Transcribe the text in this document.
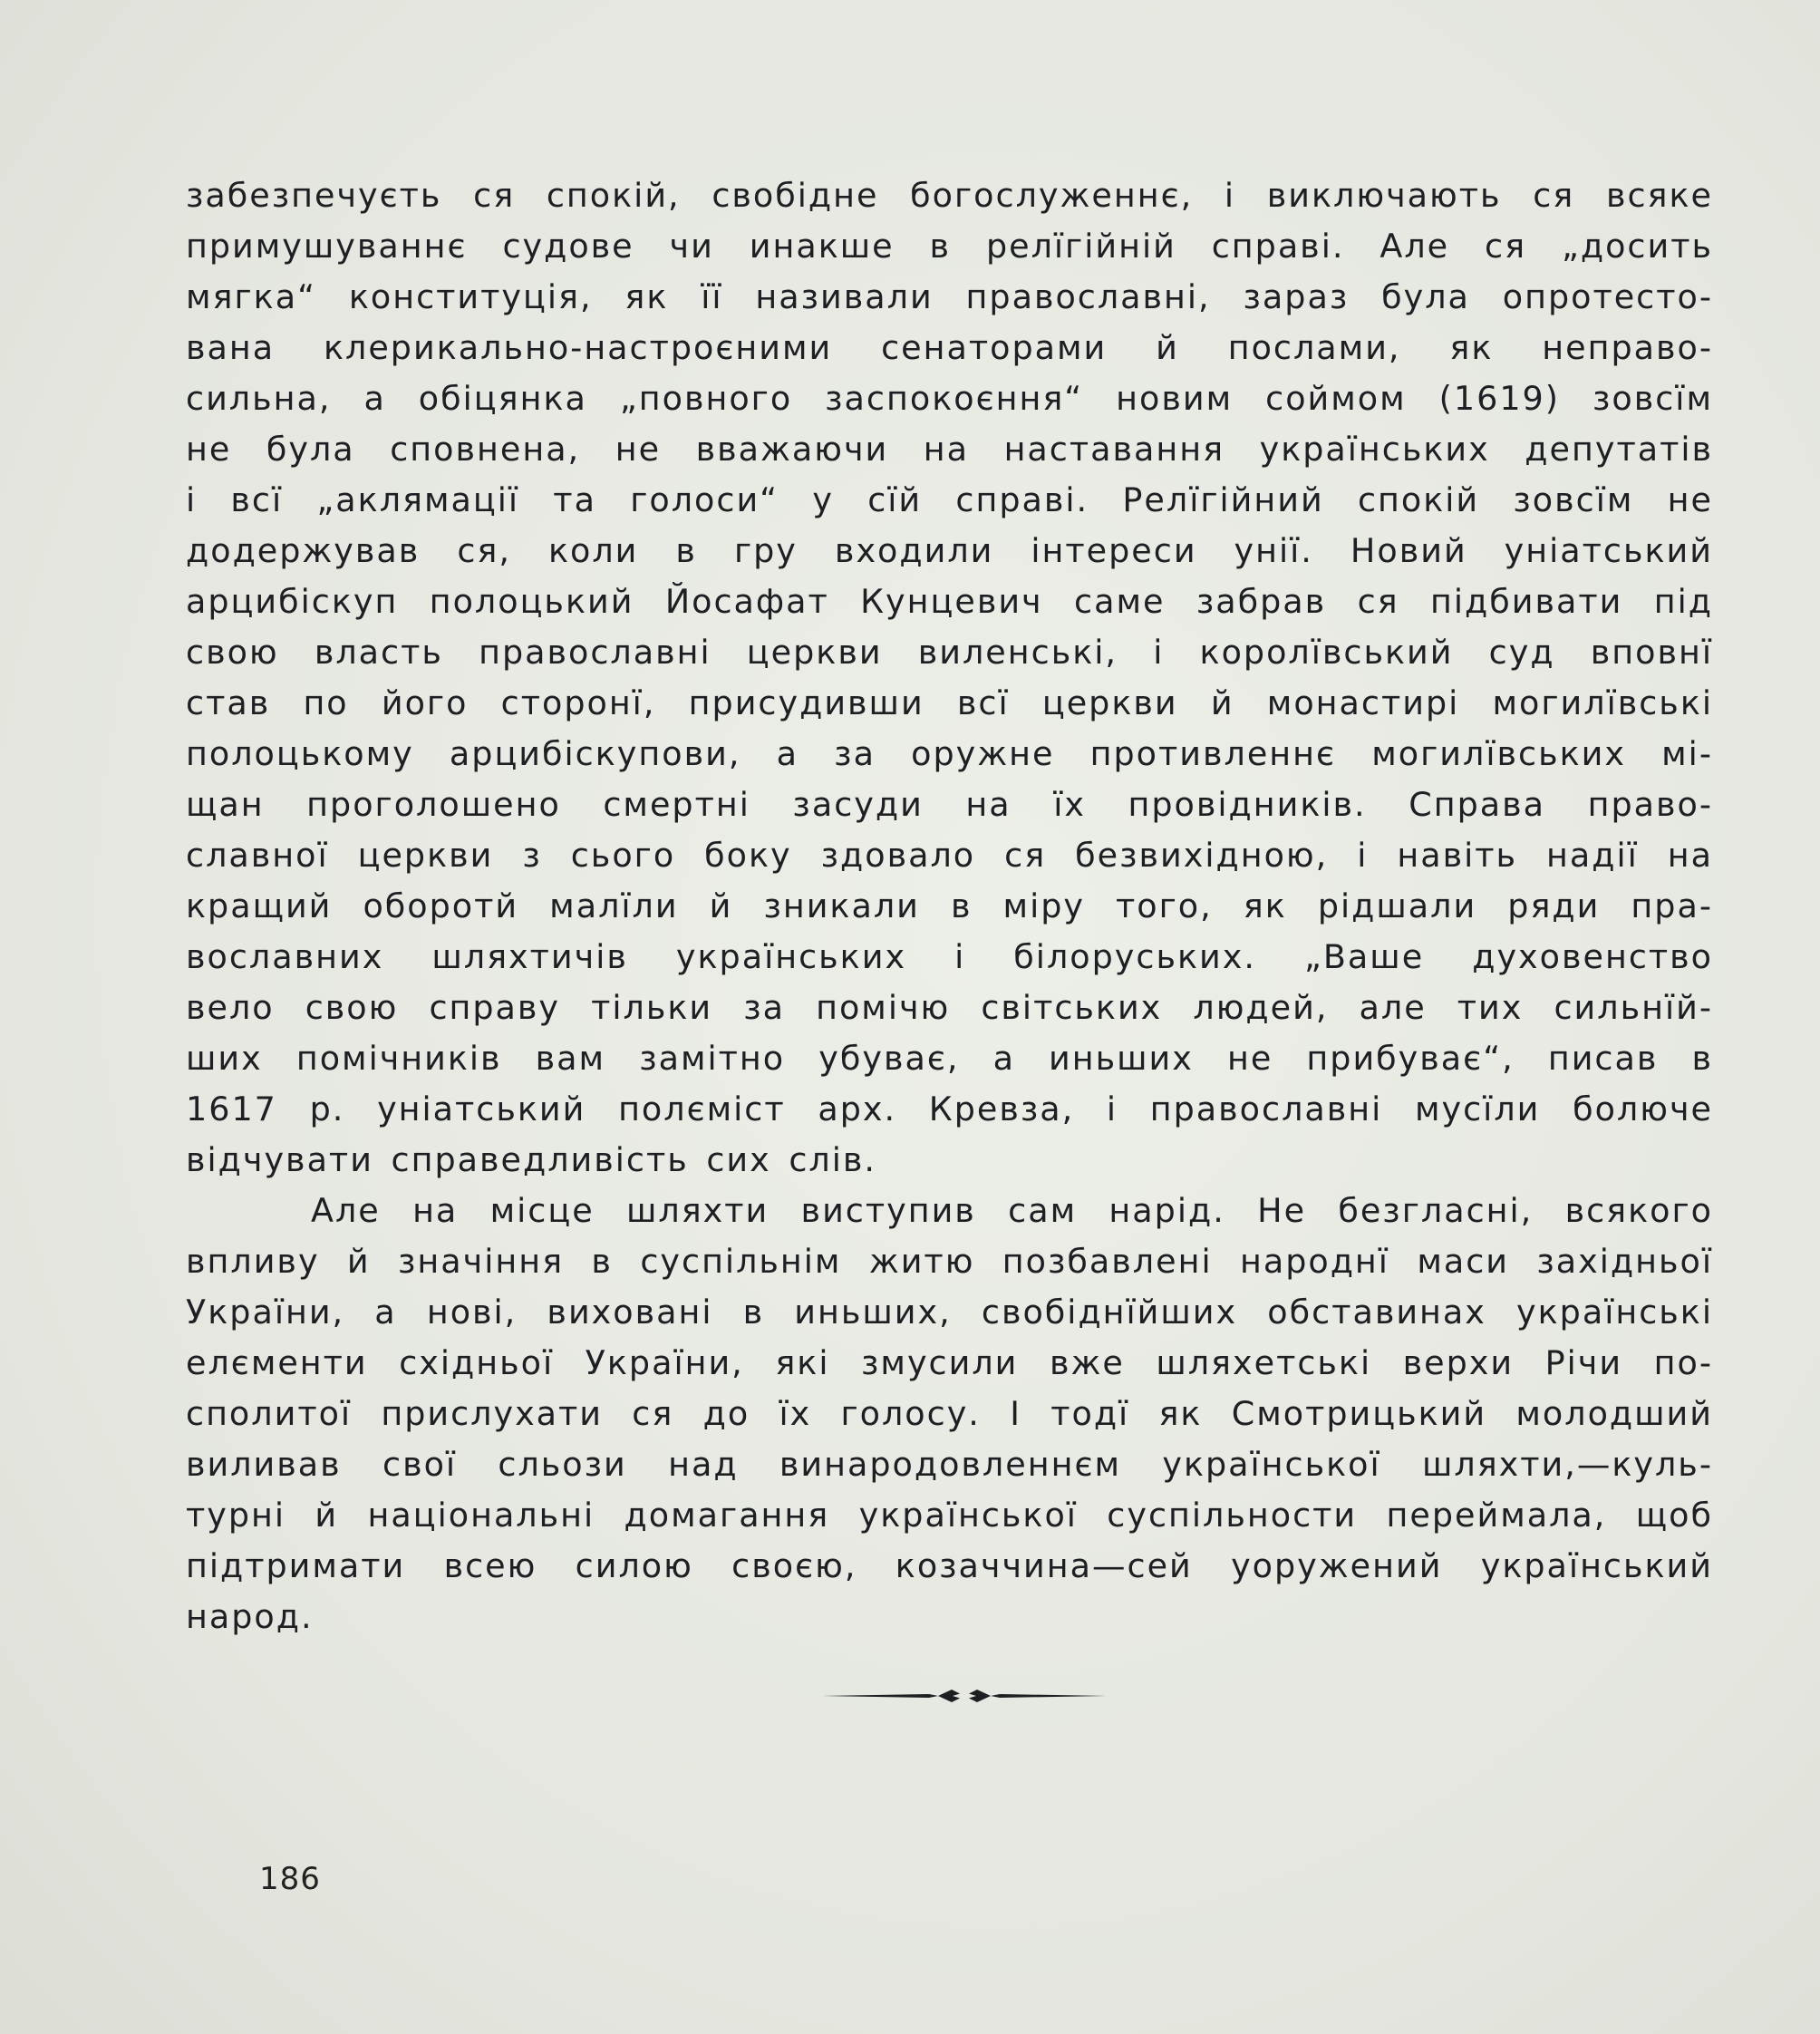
забезпечуєть ся спокій, свобідне богослуженнє, і виключають ся всяке
примушуваннє судове чи инакше в релїгійній справі. Але ся „досить
мягка“ конституція, як її називали православні, зараз була опротесто-
вана клерикально-настроєними сенаторами й послами, як неправо-
сильна, а обіцянка „повного заспокоєння“ новим соймом (1619) зовсїм
не була сповнена, не вважаючи на наставання українських депутатів
і всї „аклямації та голоси“ у сїй справі. Релїгійний спокій зовсїм не
додержував ся, коли в гру входили інтереси унії. Новий уніатський
арцибіскуп полоцький Йосафат Кунцевич саме забрав ся підбивати під
свою власть православні церкви виленські, і королївський суд вповнї
став по його сторонї, присудивши всї церкви й монастирі могилївські
полоцькому арцибіскупови, а за оружне противленнє могилївських мі-
щан проголошено смертні засуди на їх провідників. Справа право-
славної церкви з сього боку здовало ся безвихідною, і навіть надії на
кращий оборотй малїли й зникали в міру того, як рідшали ряди пра-
вославних шляхтичів українських і білоруських. „Ваше духовенство
вело свою справу тільки за помічю світських людей, але тих сильнїй-
ших помічників вам замітно убуває, а иньших не прибуває“, писав в
1617 р. уніатський полєміст арх. Кревза, і православні мусїли болюче
відчувати справедливість сих слів.
Але на місце шляхти виступив сам нарід. Не безгласні, всякого
впливу й значіння в суспільнім житю позбавлені народнї маси західньої
України, а нові, виховані в иньших, свобіднїйших обставинах українські
елєменти східньої України, які змусили вже шляхетські верхи Річи по-
сполитої прислухати ся до їх голосу. І тодї як Смотрицький молодший
виливав свої сльози над винародовленнєм української шляхти,—куль-
турні й національні домагання української суспільности переймала, щоб
підтримати всею силою своєю, козаччина—сей уоружений український
народ.
186
